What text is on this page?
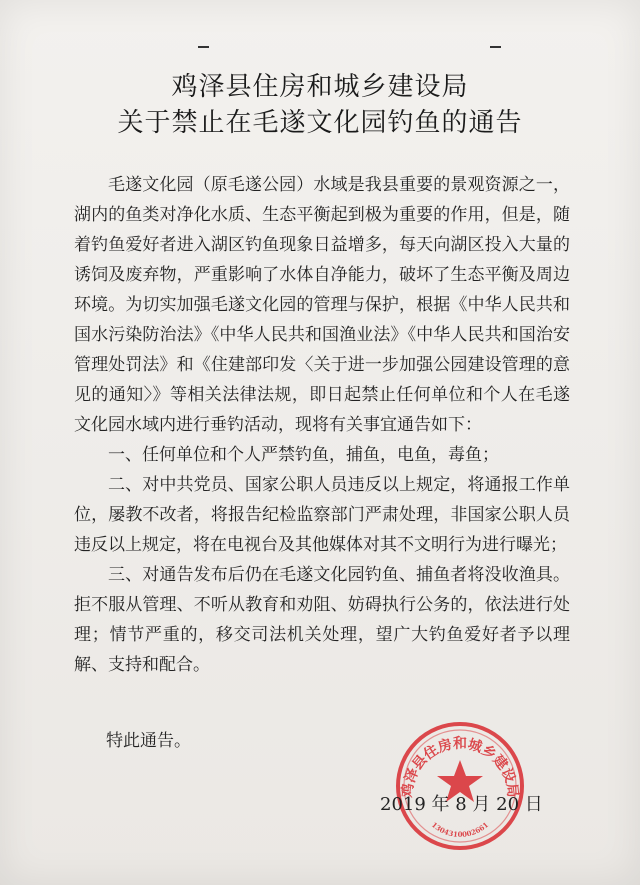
鸡泽县住房和城乡建设局
关于禁止在毛遂文化园钓鱼的通告

毛遂文化园（原毛遂公园）水域是我县重要的景观资源之一，湖内的鱼类对净化水质、生态平衡起到极为重要的作用，但是，随着钓鱼爱好者进入湖区钓鱼现象日益增多，每天向湖区投入大量的诱饲及废弃物，严重影响了水体自净能力，破坏了生态平衡及周边环境。为切实加强毛遂文化园的管理与保护，根据《中华人民共和国水污染防治法》《中华人民共和国渔业法》《中华人民共和国治安管理处罚法》和《住建部印发〈关于进一步加强公园建设管理的意见的通知〉》等相关法律法规，即日起禁止任何单位和个人在毛遂文化园水域内进行垂钓活动，现将有关事宜通告如下：

一、任何单位和个人严禁钓鱼，捕鱼，电鱼，毒鱼；

二、对中共党员、国家公职人员违反以上规定，将通报工作单位，屡教不改者，将报告纪检监察部门严肃处理，非国家公职人员违反以上规定，将在电视台及其他媒体对其不文明行为进行曝光；

三、对通告发布后仍在毛遂文化园钓鱼、捕鱼者将没收渔具。拒不服从管理、不听从教育和劝阻、妨碍执行公务的，依法进行处理；情节严重的，移交司法机关处理，望广大钓鱼爱好者予以理解、支持和配合。

特此通告。
鸡泽县住房和城乡建设局
1304310002661
2019 年 8 月 20 日
